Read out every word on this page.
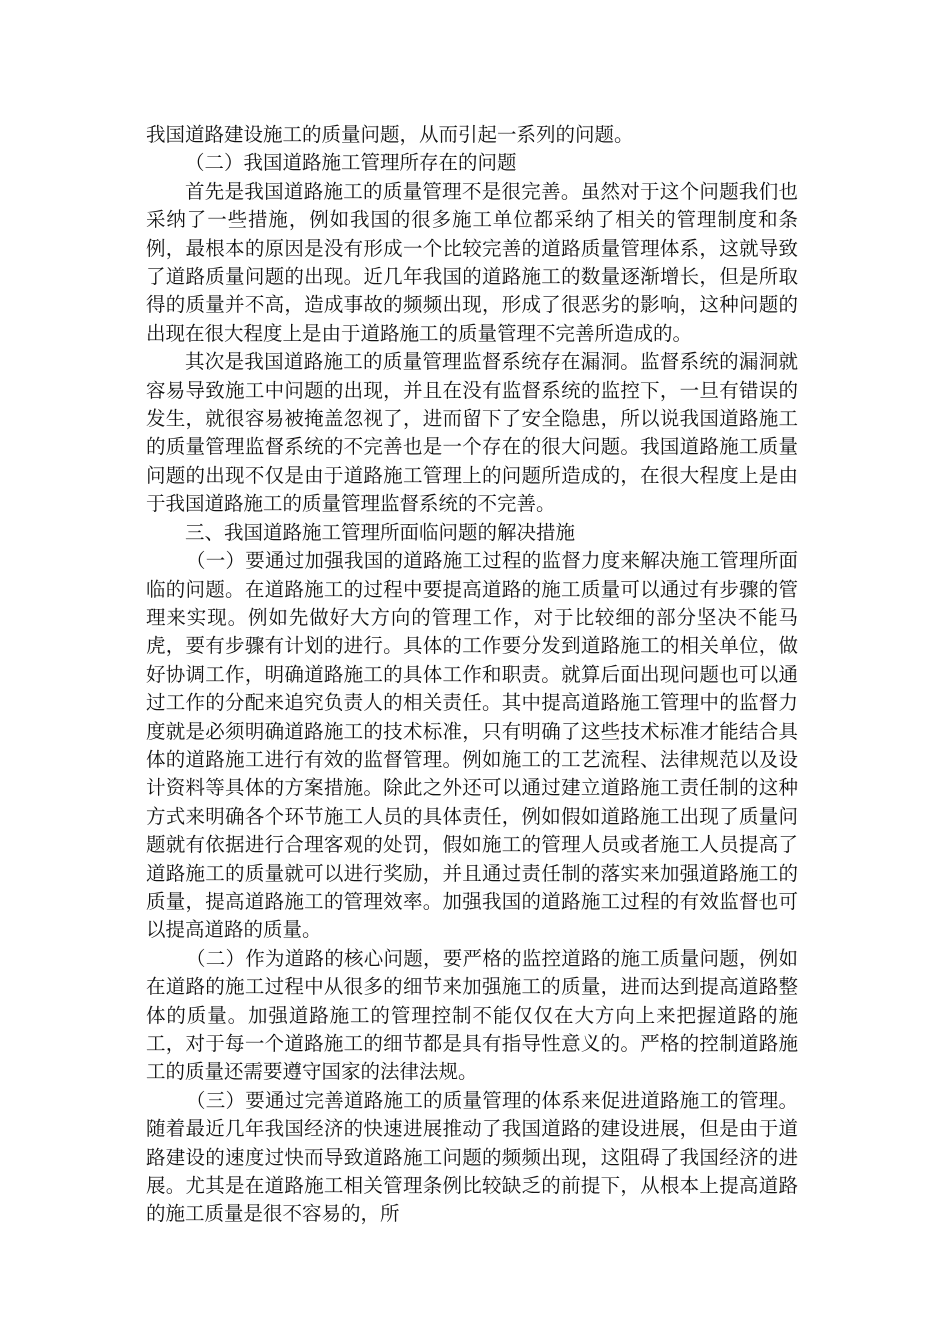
我国道路建设施工的质量问题，从而引起一系列的问题。

（二）我国道路施工管理所存在的问题

首先是我国道路施工的质量管理不是很完善。虽然对于这个问题我们也采纳了一些措施，例如我国的很多施工单位都采纳了相关的管理制度和条例，最根本的原因是没有形成一个比较完善的道路质量管理体系，这就导致了道路质量问题的出现。近几年我国的道路施工的数量逐渐增长，但是所取得的质量并不高，造成事故的频频出现，形成了很恶劣的影响，这种问题的出现在很大程度上是由于道路施工的质量管理不完善所造成的。

其次是我国道路施工的质量管理监督系统存在漏洞。监督系统的漏洞就容易导致施工中问题的出现，并且在没有监督系统的监控下，一旦有错误的发生，就很容易被掩盖忽视了，进而留下了安全隐患，所以说我国道路施工的质量管理监督系统的不完善也是一个存在的很大问题。我国道路施工质量问题的出现不仅是由于道路施工管理上的问题所造成的，在很大程度上是由于我国道路施工的质量管理监督系统的不完善。

三、我国道路施工管理所面临问题的解决措施

（一）要通过加强我国的道路施工过程的监督力度来解决施工管理所面临的问题。在道路施工的过程中要提高道路的施工质量可以通过有步骤的管理来实现。例如先做好大方向的管理工作，对于比较细的部分坚决不能马虎，要有步骤有计划的进行。具体的工作要分发到道路施工的相关单位，做好协调工作，明确道路施工的具体工作和职责。就算后面出现问题也可以通过工作的分配来追究负责人的相关责任。其中提高道路施工管理中的监督力度就是必须明确道路施工的技术标准，只有明确了这些技术标准才能结合具体的道路施工进行有效的监督管理。例如施工的工艺流程、法律规范以及设计资料等具体的方案措施。除此之外还可以通过建立道路施工责任制的这种方式来明确各个环节施工人员的具体责任，例如假如道路施工出现了质量问题就有依据进行合理客观的处罚，假如施工的管理人员或者施工人员提高了道路施工的质量就可以进行奖励，并且通过责任制的落实来加强道路施工的质量，提高道路施工的管理效率。加强我国的道路施工过程的有效监督也可以提高道路的质量。

（二）作为道路的核心问题，要严格的监控道路的施工质量问题，例如在道路的施工过程中从很多的细节来加强施工的质量，进而达到提高道路整体的质量。加强道路施工的管理控制不能仅仅在大方向上来把握道路的施工，对于每一个道路施工的细节都是具有指导性意义的。严格的控制道路施工的质量还需要遵守国家的法律法规。

（三）要通过完善道路施工的质量管理的体系来促进道路施工的管理。随着最近几年我国经济的快速进展推动了我国道路的建设进展，但是由于道路建设的速度过快而导致道路施工问题的频频出现，这阻碍了我国经济的进展。尤其是在道路施工相关管理条例比较缺乏的前提下，从根本上提高道路的施工质量是很不容易的，所
